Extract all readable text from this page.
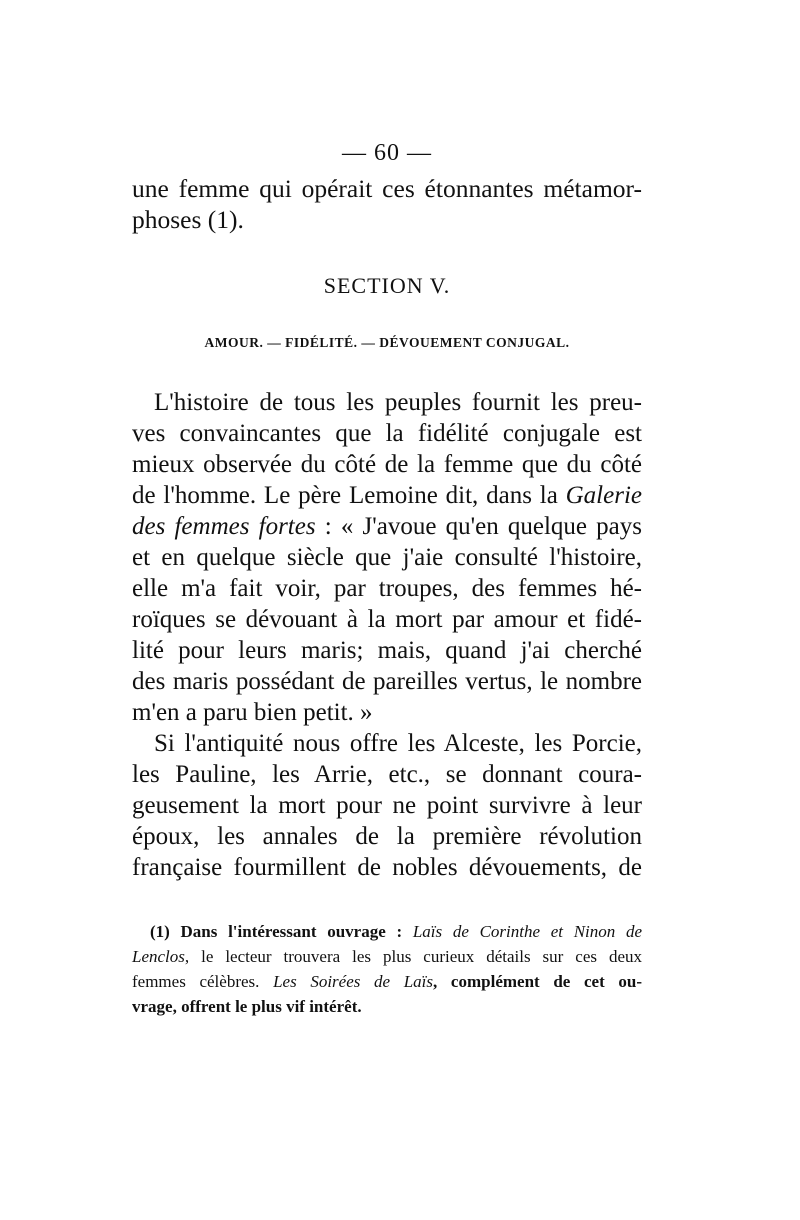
— 60 —
une femme qui opérait ces étonnantes métamor-
phoses (1).
SECTION V.
AMOUR. — FIDÉLITÉ. — DÉVOUEMENT CONJUGAL.
L'histoire de tous les peuples fournit les preu-
ves convaincantes que la fidélité conjugale est
mieux observée du côté de la femme que du côté
de l'homme. Le père Lemoine dit, dans la Galerie
des femmes fortes : « J'avoue qu'en quelque pays
et en quelque siècle que j'aie consulté l'histoire,
elle m'a fait voir, par troupes, des femmes hé-
roïques se dévouant à la mort par amour et fidé-
lité pour leurs maris; mais, quand j'ai cherché
des maris possédant de pareilles vertus, le nombre
m'en a paru bien petit. »
Si l'antiquité nous offre les Alceste, les Porcie,
les Pauline, les Arrie, etc., se donnant coura-
geusement la mort pour ne point survivre à leur
époux, les annales de la première révolution
française fourmillent de nobles dévouements, de
(1) Dans l'intéressant ouvrage : Laïs de Corinthe et Ninon de
Lenclos, le lecteur trouvera les plus curieux détails sur ces deux
femmes célèbres. Les Soirées de Laïs, complément de cet ou-
vrage, offrent le plus vif intérêt.
